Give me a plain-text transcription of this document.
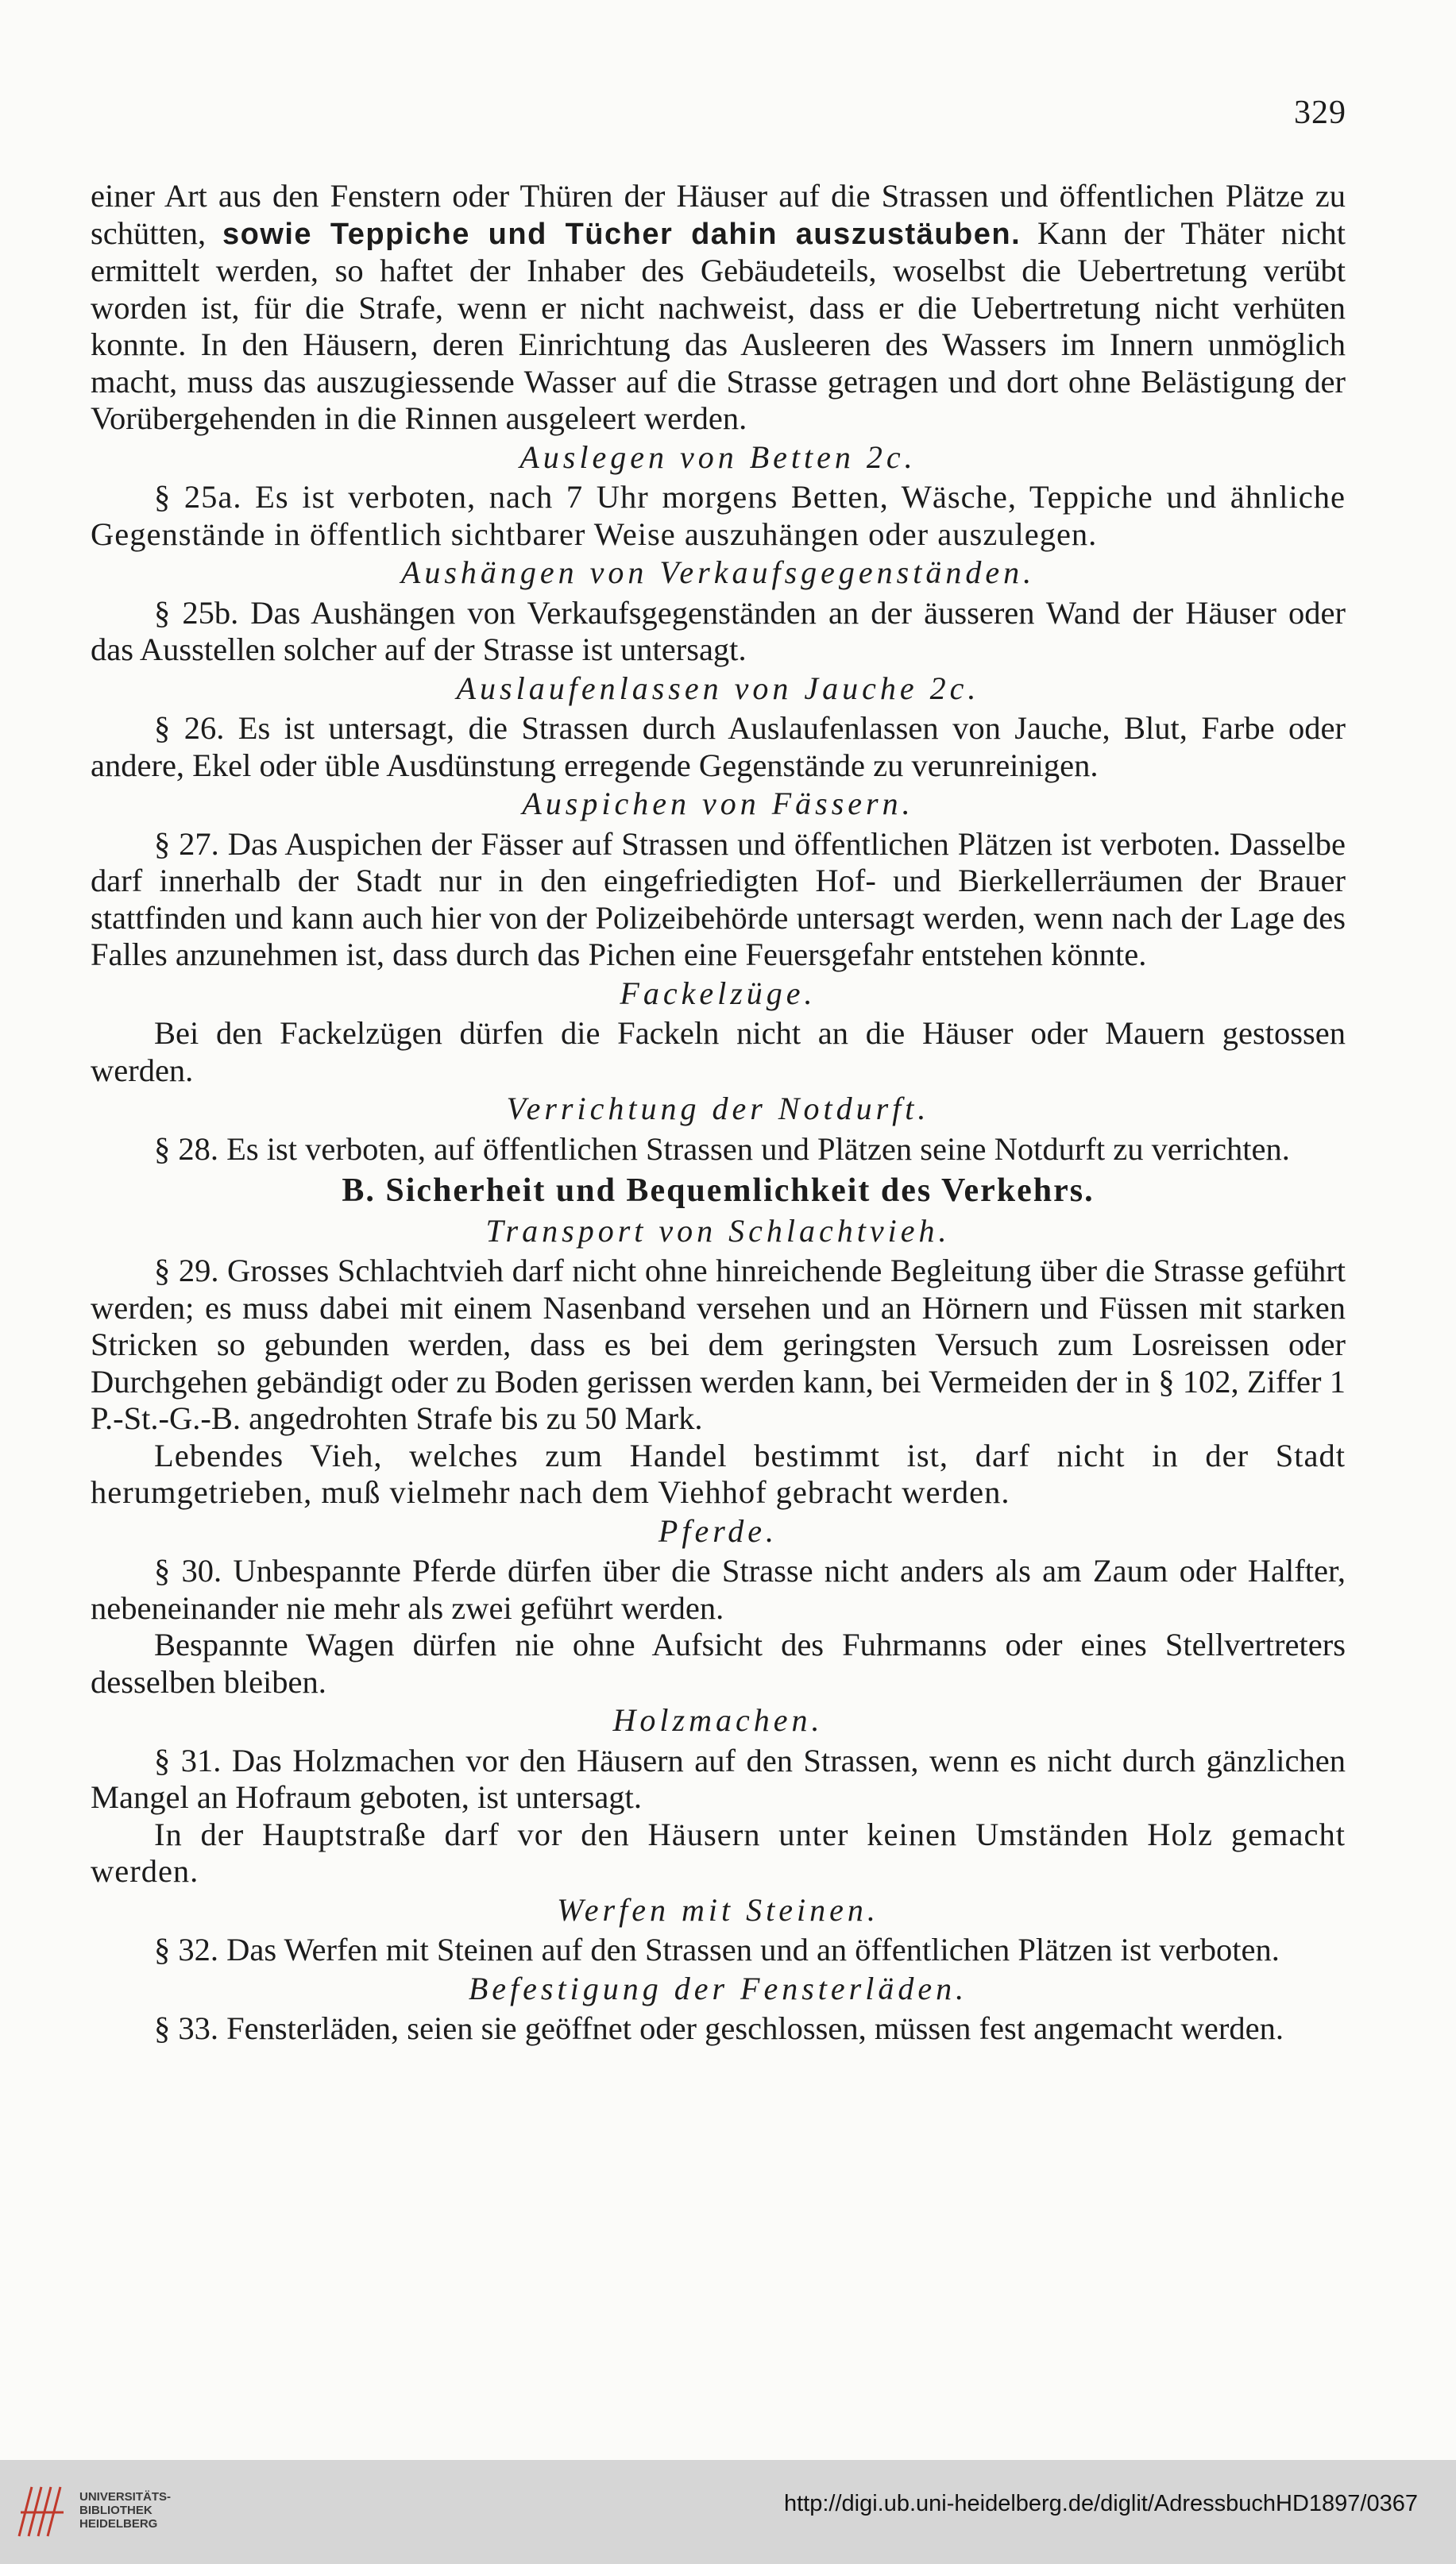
329

einer Art aus den Fenstern oder Thüren der Häuser auf die Strassen und öffentlichen Plätze zu schütten, sowie Teppiche und Tücher dahin auszustäuben. Kann der Thäter nicht ermittelt werden, so haftet der Inhaber des Gebäudeteils, woselbst die Uebertretung verübt worden ist, für die Strafe, wenn er nicht nachweist, dass er die Uebertretung nicht verhüten konnte. In den Häusern, deren Einrichtung das Ausleeren des Wassers im Innern unmöglich macht, muss das auszugiessende Wasser auf die Strasse getragen und dort ohne Belästigung der Vorübergehenden in die Rinnen ausgeleert werden.

Auslegen von Betten 2c.

§ 25a. Es ist verboten, nach 7 Uhr morgens Betten, Wäsche, Teppiche und ähnliche Gegenstände in öffentlich sichtbarer Weise auszuhängen oder auszulegen.

Aushängen von Verkaufsgegenständen.

§ 25b. Das Aushängen von Verkaufsgegenständen an der äusseren Wand der Häuser oder das Ausstellen solcher auf der Strasse ist untersagt.

Auslaufenlassen von Jauche 2c.

§ 26. Es ist untersagt, die Strassen durch Auslaufenlassen von Jauche, Blut, Farbe oder andere, Ekel oder üble Ausdünstung erregende Gegenstände zu verunreinigen.

Auspichen von Fässern.

§ 27. Das Auspichen der Fässer auf Strassen und öffentlichen Plätzen ist verboten. Dasselbe darf innerhalb der Stadt nur in den eingefriedigten Hof- und Bierkellerräumen der Brauer stattfinden und kann auch hier von der Polizeibehörde untersagt werden, wenn nach der Lage des Falles anzunehmen ist, dass durch das Pichen eine Feuersgefahr entstehen könnte.

Fackelzüge.

Bei den Fackelzügen dürfen die Fackeln nicht an die Häuser oder Mauern gestossen werden.

Verrichtung der Notdurft.

§ 28. Es ist verboten, auf öffentlichen Strassen und Plätzen seine Notdurft zu verrichten.

B. Sicherheit und Bequemlichkeit des Verkehrs.

Transport von Schlachtvieh.

§ 29. Grosses Schlachtvieh darf nicht ohne hinreichende Begleitung über die Strasse geführt werden; es muss dabei mit einem Nasenband versehen und an Hörnern und Füssen mit starken Stricken so gebunden werden, dass es bei dem geringsten Versuch zum Losreissen oder Durchgehen gebändigt oder zu Boden gerissen werden kann, bei Vermeiden der in § 102, Ziffer 1 P.-St.-G.-B. angedrohten Strafe bis zu 50 Mark.

Lebendes Vieh, welches zum Handel bestimmt ist, darf nicht in der Stadt herumgetrieben, muß vielmehr nach dem Viehhof gebracht werden.

Pferde.

§ 30. Unbespannte Pferde dürfen über die Strasse nicht anders als am Zaum oder Halfter, nebeneinander nie mehr als zwei geführt werden.

Bespannte Wagen dürfen nie ohne Aufsicht des Fuhrmanns oder eines Stellvertreters desselben bleiben.

Holzmachen.

§ 31. Das Holzmachen vor den Häusern auf den Strassen, wenn es nicht durch gänzlichen Mangel an Hofraum geboten, ist untersagt.

In der Hauptstraße darf vor den Häusern unter keinen Umständen Holz gemacht werden.

Werfen mit Steinen.

§ 32. Das Werfen mit Steinen auf den Strassen und an öffentlichen Plätzen ist verboten.

Befestigung der Fensterläden.

§ 33. Fensterläden, seien sie geöffnet oder geschlossen, müssen fest angemacht werden.

UNIVERSITÄTS-
BIBLIOTHEK
HEIDELBERG
http://digi.ub.uni-heidelberg.de/diglit/AdressbuchHD1897/0367
